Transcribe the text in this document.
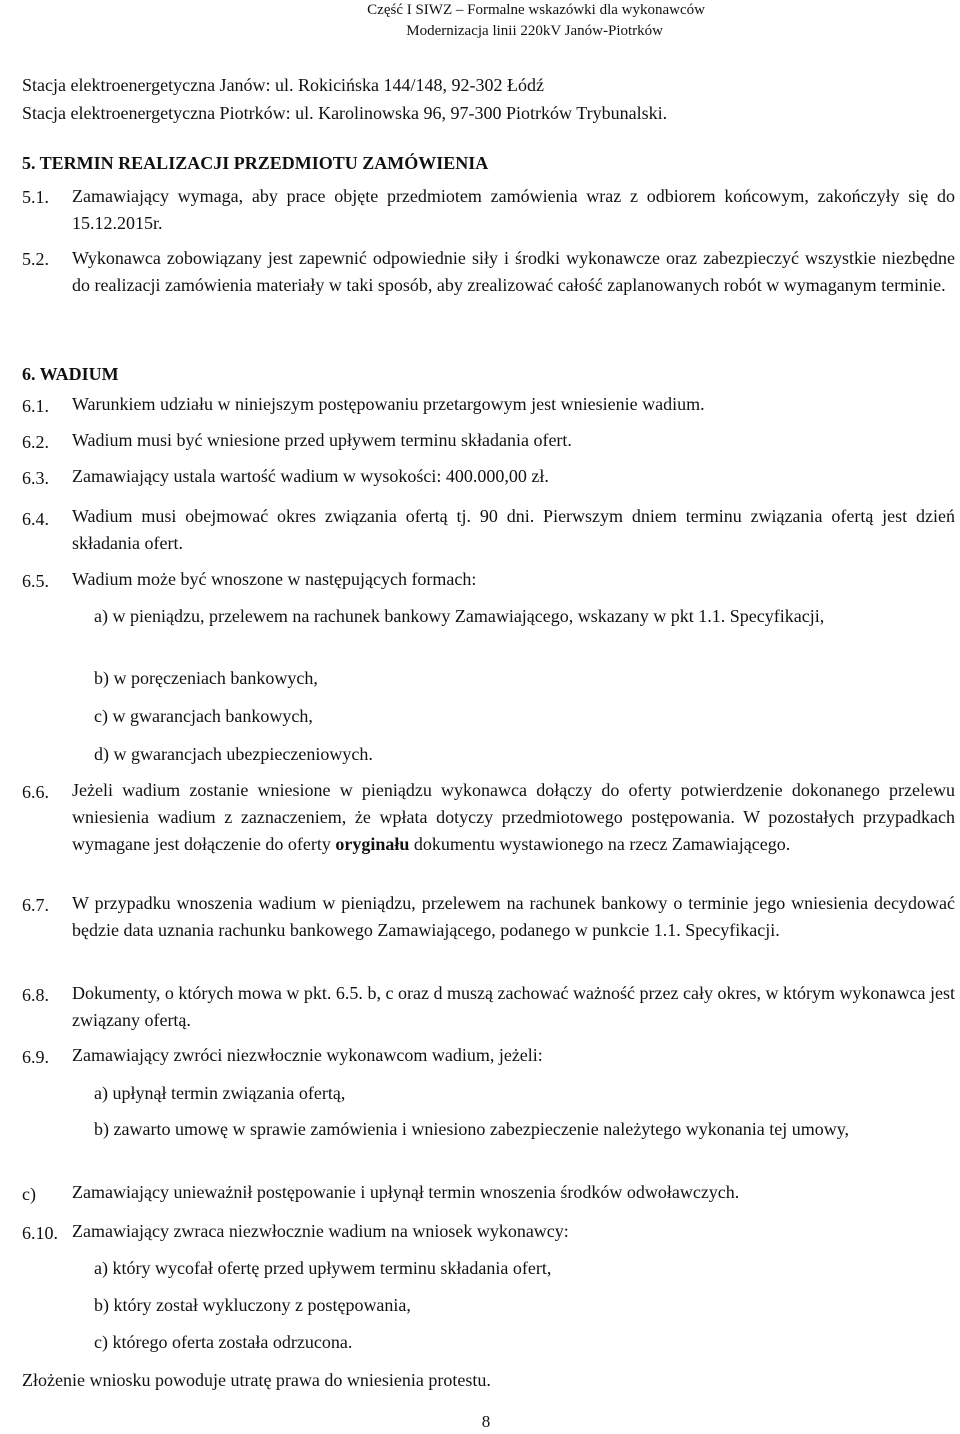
Część I SIWZ – Formalne wskazówki dla wykonawców
Modernizacja linii 220kV Janów-Piotrków
Stacja elektroenergetyczna Janów: ul. Rokicińska 144/148, 92-302 Łódź
Stacja elektroenergetyczna Piotrków: ul. Karolinowska 96, 97-300 Piotrków Trybunalski.
5. TERMIN REALIZACJI PRZEDMIOTU ZAMÓWIENIA
5.1. Zamawiający wymaga, aby prace objęte przedmiotem zamówienia wraz z odbiorem końcowym, zakończyły się do 15.12.2015r.
5.2. Wykonawca zobowiązany jest zapewnić odpowiednie siły i środki wykonawcze oraz zabezpieczyć wszystkie niezbędne do realizacji zamówienia materiały w taki sposób, aby zrealizować całość zaplanowanych robót w wymaganym terminie.
6. WADIUM
6.1. Warunkiem udziału w niniejszym postępowaniu przetargowym jest wniesienie wadium.
6.2. Wadium musi być wniesione przed upływem terminu składania ofert.
6.3. Zamawiający ustala wartość wadium w wysokości: 400.000,00 zł.
6.4. Wadium musi obejmować okres związania ofertą tj. 90 dni. Pierwszym dniem terminu związania ofertą jest dzień składania ofert.
6.5. Wadium może być wnoszone w następujących formach:
a) w pieniądzu, przelewem na rachunek bankowy Zamawiającego, wskazany w pkt 1.1. Specyfikacji,
b) w poręczeniach bankowych,
c) w gwarancjach bankowych,
d) w gwarancjach ubezpieczeniowych.
6.6. Jeżeli wadium zostanie wniesione w pieniądzu wykonawca dołączy do oferty potwierdzenie dokonanego przelewu wniesienia wadium z zaznaczeniem, że wpłata dotyczy przedmiotowego postępowania. W pozostałych przypadkach wymagane jest dołączenie do oferty oryginału dokumentu wystawionego na rzecz Zamawiającego.
6.7. W przypadku wnoszenia wadium w pieniądzu, przelewem na rachunek bankowy o terminie jego wniesienia decydować będzie data uznania rachunku bankowego Zamawiającego, podanego w punkcie 1.1. Specyfikacji.
6.8. Dokumenty, o których mowa w pkt. 6.5. b, c oraz d muszą zachować ważność przez cały okres, w którym wykonawca jest związany ofertą.
6.9. Zamawiający zwróci niezwłocznie wykonawcom wadium, jeżeli:
a) upłynął termin związania ofertą,
b) zawarto umowę w sprawie zamówienia i wniesiono zabezpieczenie należytego wykonania tej umowy,
c) Zamawiający unieważnił postępowanie i upłynął termin wnoszenia środków odwoławczych.
6.10. Zamawiający zwraca niezwłocznie wadium na wniosek wykonawcy:
a) który wycofał ofertę przed upływem terminu składania ofert,
b) który został wykluczony z postępowania,
c) którego oferta została odrzucona.
Złożenie wniosku powoduje utratę prawa do wniesienia protestu.
8
